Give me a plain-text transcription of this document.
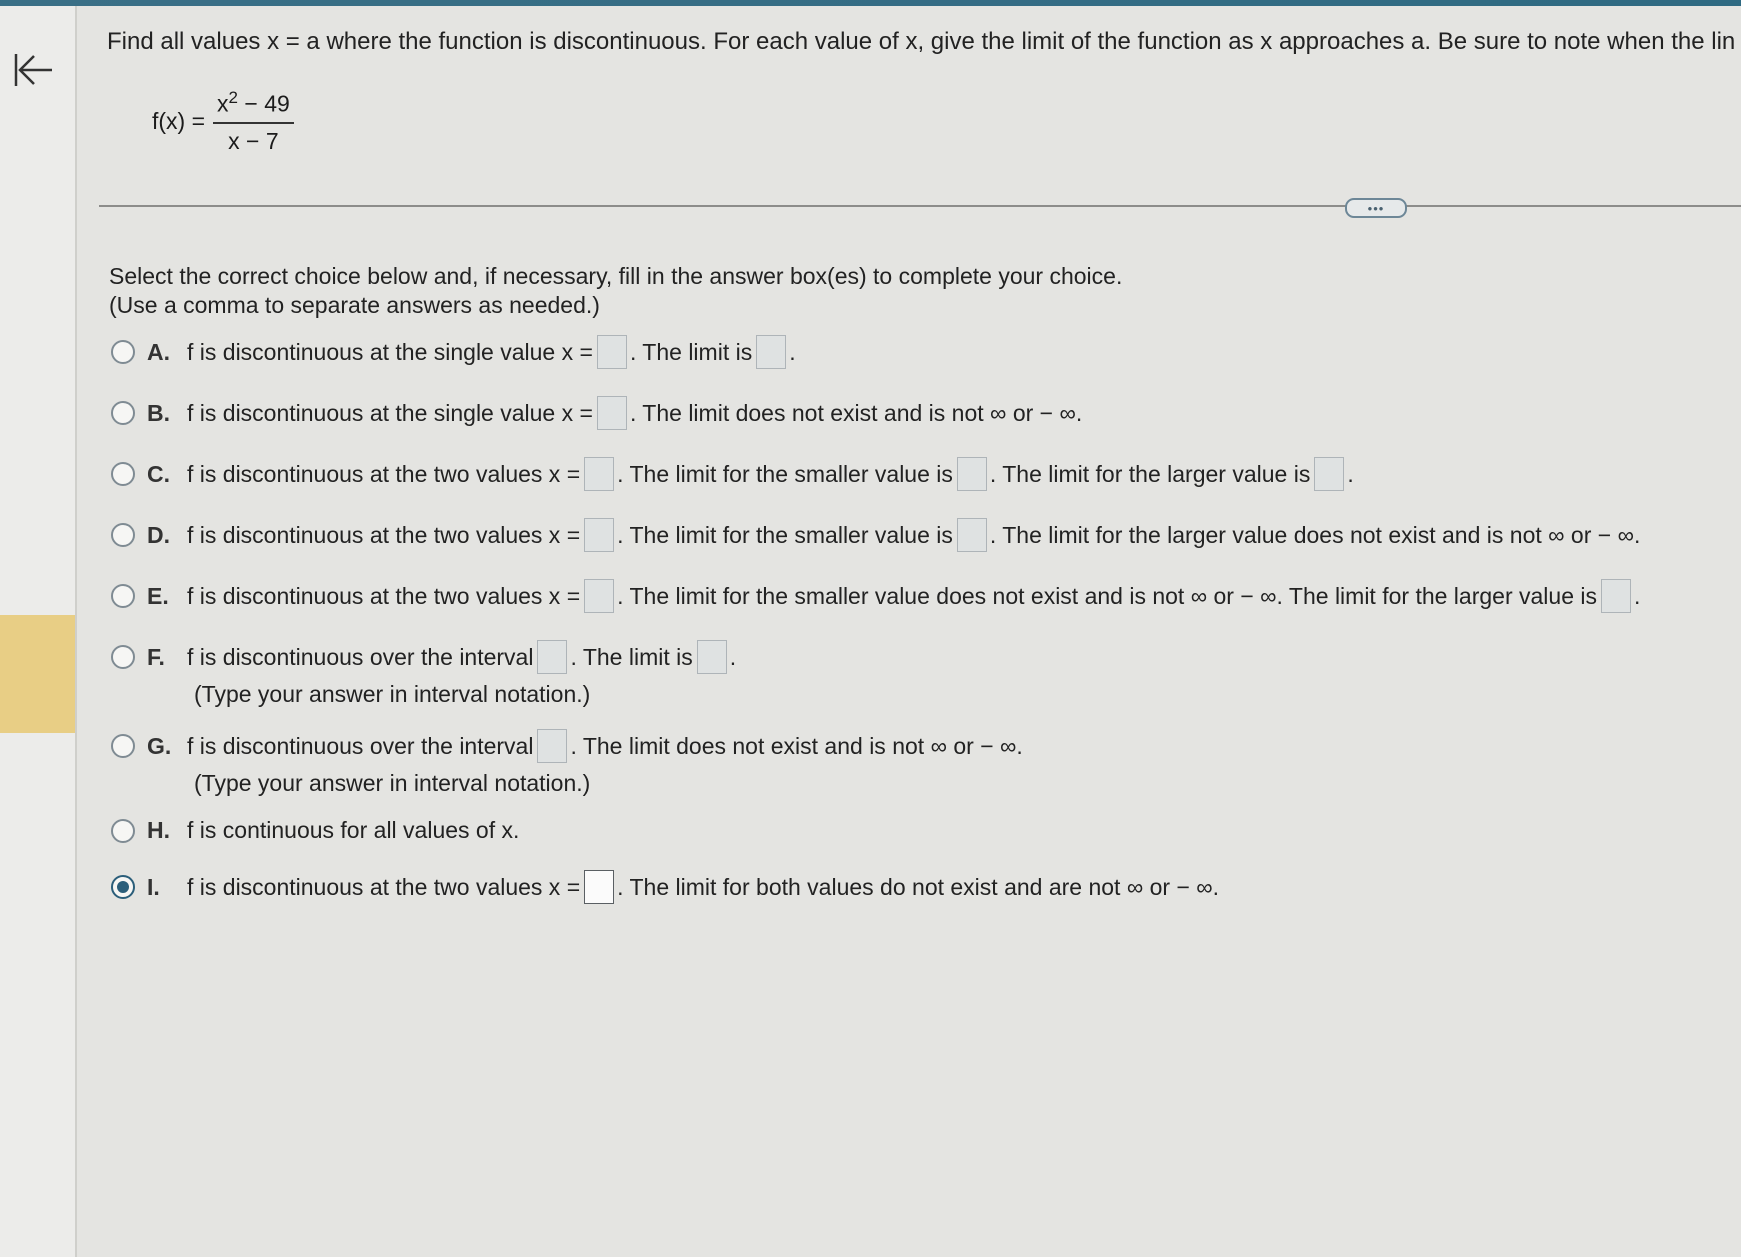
Find all values x = a where the function is discontinuous. For each value of x, give the limit of the function as x approaches a. Be sure to note when the lin
$f(x) = \frac{x^2 - 49}{x - 7}$
•••
Select the correct choice below and, if necessary, fill in the answer box(es) to complete your choice.
(Use a comma to separate answers as needed.)
A. f is discontinuous at the single value x = . The limit is .
B. f is discontinuous at the single value x = . The limit does not exist and is not ∞ or − ∞.
C. f is discontinuous at the two values x = . The limit for the smaller value is . The limit for the larger value is .
D. f is discontinuous at the two values x = . The limit for the smaller value is . The limit for the larger value does not exist and is not ∞ or − ∞.
E. f is discontinuous at the two values x = . The limit for the smaller value does not exist and is not ∞ or − ∞. The limit for the larger value is .
F. f is discontinuous over the interval . The limit is .
(Type your answer in interval notation.)
G. f is discontinuous over the interval . The limit does not exist and is not ∞ or − ∞.
(Type your answer in interval notation.)
H. f is continuous for all values of x.
I.	f is discontinuous at the two values x = . The limit for both values do not exist and are not ∞ or − ∞.
